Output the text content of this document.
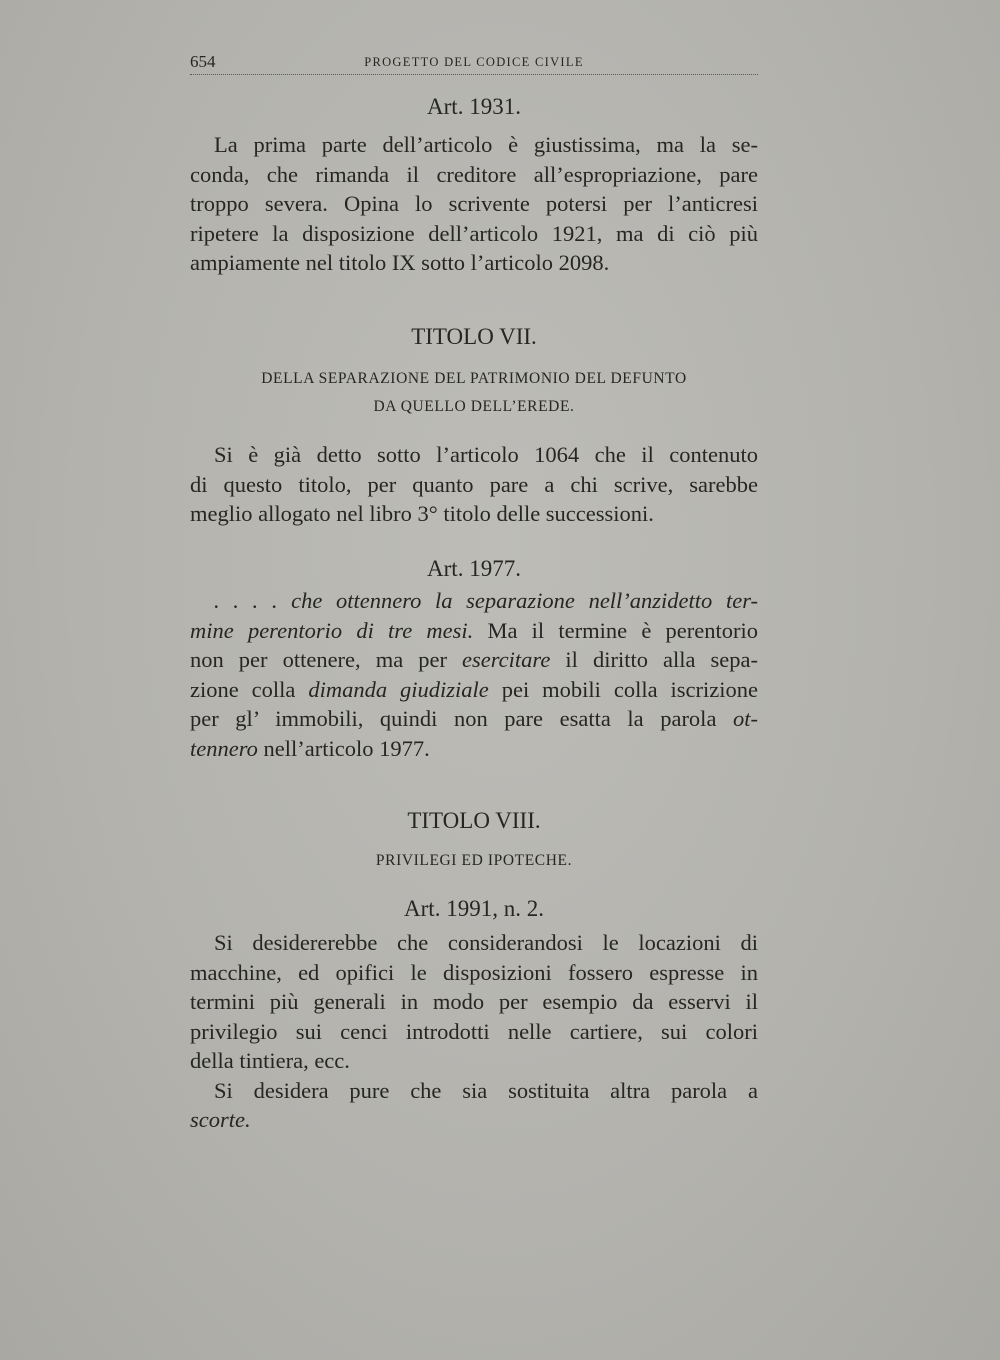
654	PROGETTO DEL CODICE CIVILE
Art. 1931.

La prima parte dell’articolo è giustissima, ma la se-
conda, che rimanda il creditore all’espropriazione, pare
troppo severa. Opina lo scrivente potersi per l’anticresi
ripetere la disposizione dell’articolo 1921, ma di ciò più
ampiamente nel titolo IX sotto l’articolo 2098.

TITOLO VII.
DELLA SEPARAZIONE DEL PATRIMONIO DEL DEFUNTO
DA QUELLO DELL’EREDE.

Si è già detto sotto l’articolo 1064 che il contenuto
di questo titolo, per quanto pare a chi scrive, sarebbe
meglio allogato nel libro 3° titolo delle successioni.

Art. 1977.

. . . . che ottennero la separazione nell’anzidetto ter-
mine perentorio di tre mesi. Ma il termine è perentorio
non per ottenere, ma per esercitare il diritto alla sepa-
zione colla dimanda giudiziale pei mobili colla iscrizione
per gl’ immobili, quindi non pare esatta la parola ot-
tennero nell’articolo 1977.

TITOLO VIII.
PRIVILEGI ED IPOTECHE.
Art. 1991, n. 2.

Si desidererebbe che considerandosi le locazioni di
macchine, ed opifici le disposizioni fossero espresse in
termini più generali in modo per esempio da esservi il
privilegio sui cenci introdotti nelle cartiere, sui colori
della tintiera, ecc.
Si desidera pure che sia sostituita altra parola a
scorte.
